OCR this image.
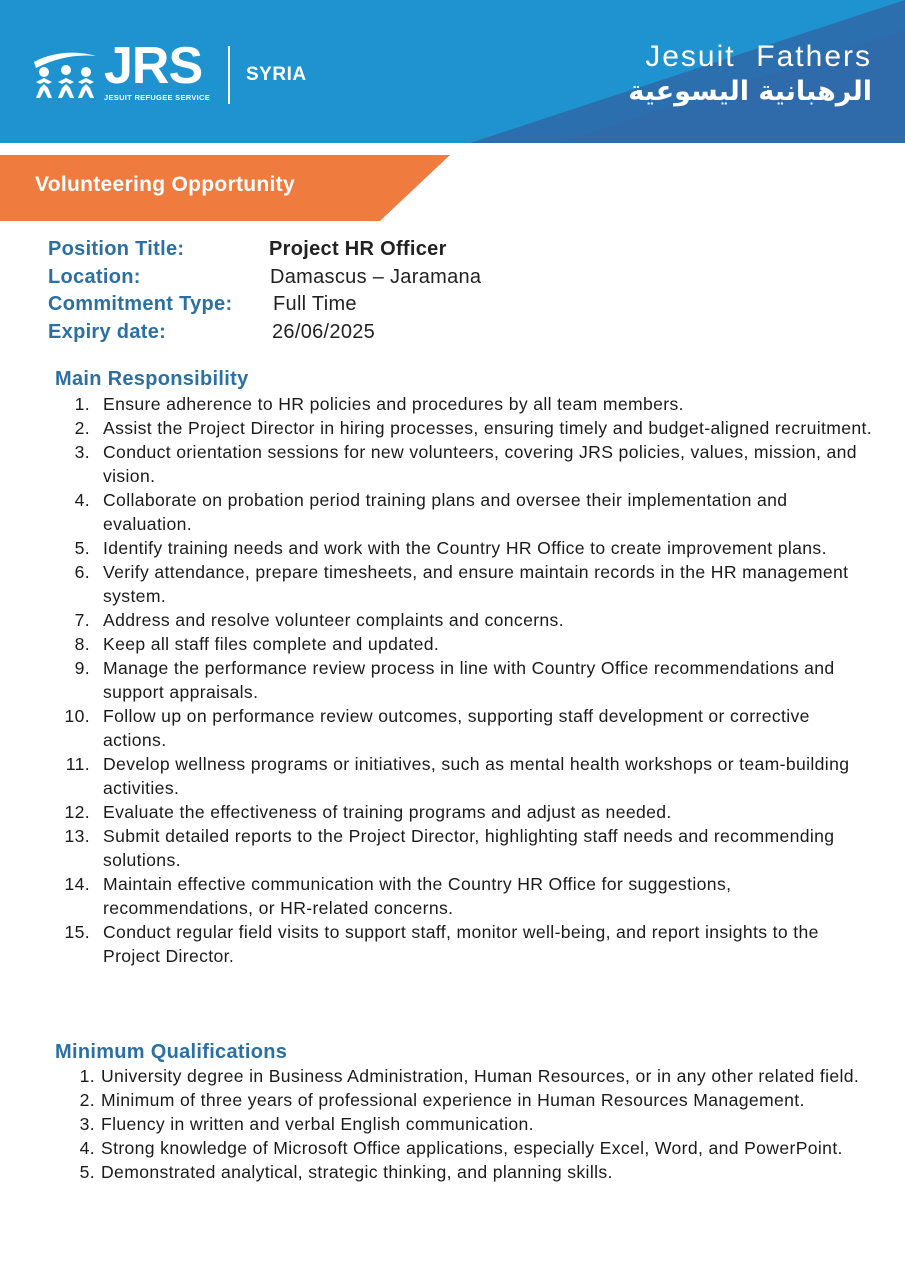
JRS
JESUIT REFUGEE SERVICE
SYRIA
Jesuit  Fathers
الرهبانية اليسوعية
Volunteering Opportunity
Position Title:	Project HR Officer
Location:	Damascus – Jaramana
Commitment Type: Full Time
Expiry date:	26/06/2025
Main Responsibility
1. Ensure adherence to HR policies and procedures by all team members.
2. Assist the Project Director in hiring processes, ensuring timely and budget-aligned recruitment.
3. Conduct orientation sessions for new volunteers, covering JRS policies, values, mission, and vision.
4. Collaborate on probation period training plans and oversee their implementation and evaluation.
5. Identify training needs and work with the Country HR Office to create improvement plans.
6. Verify attendance, prepare timesheets, and ensure maintain records in the HR management system.
7. Address and resolve volunteer complaints and concerns.
8. Keep all staff files complete and updated.
9. Manage the performance review process in line with Country Office recommendations and support appraisals.
10. Follow up on performance review outcomes, supporting staff development or corrective actions.
11. Develop wellness programs or initiatives, such as mental health workshops or team-building activities.
12. Evaluate the effectiveness of training programs and adjust as needed.
13. Submit detailed reports to the Project Director, highlighting staff needs and recommending solutions.
14. Maintain effective communication with the Country HR Office for suggestions, recommendations, or HR-related concerns.
15. Conduct regular field visits to support staff, monitor well-being, and report insights to the Project Director.
Minimum Qualifications
1. University degree in Business Administration, Human Resources, or in any other related field.
2. Minimum of three years of professional experience in Human Resources Management.
3. Fluency in written and verbal English communication.
4. Strong knowledge of Microsoft Office applications, especially Excel, Word, and PowerPoint.
5. Demonstrated analytical, strategic thinking, and planning skills.
